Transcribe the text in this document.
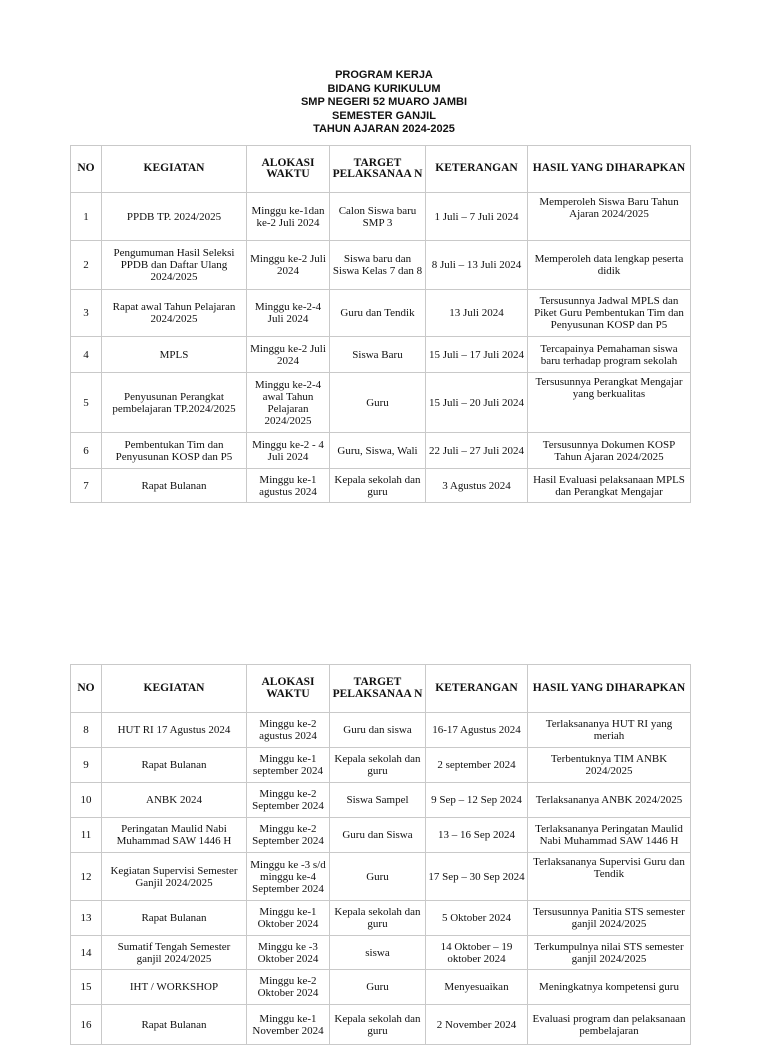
PROGRAM KERJA
BIDANG KURIKULUM
SMP NEGERI 52 MUARO JAMBI
SEMESTER GANJIL
TAHUN AJARAN 2024-2025
NO	KEGIATAN	ALOKASI WAKTU	TARGET PELAKSANAA N	KETERANGAN	HASIL YANG DIHARAPKAN
1	PPDB TP. 2024/2025	Minggu ke-1dan ke-2 Juli 2024	Calon Siswa baru SMP 3	1 Juli – 7 Juli 2024	Memperoleh Siswa Baru Tahun Ajaran 2024/2025
2	Pengumuman Hasil Seleksi PPDB dan Daftar Ulang 2024/2025	Minggu ke-2 Juli 2024	Siswa baru dan Siswa Kelas 7 dan 8	8 Juli – 13 Juli 2024	Memperoleh data lengkap peserta didik
3	Rapat awal Tahun Pelajaran 2024/2025	Minggu ke-2-4 Juli 2024	Guru dan Tendik	13 Juli 2024	Tersusunnya Jadwal MPLS dan Piket Guru Pembentukan Tim dan Penyusunan KOSP dan P5
4	MPLS	Minggu ke-2 Juli 2024	Siswa Baru	15 Juli – 17 Juli 2024	Tercapainya Pemahaman siswa baru terhadap program sekolah
5	Penyusunan Perangkat pembelajaran TP.2024/2025	Minggu ke-2-4 awal Tahun Pelajaran 2024/2025	Guru	15 Juli – 20 Juli 2024	Tersusunnya Perangkat Mengajar yang berkualitas
6	Pembentukan Tim dan Penyusunan KOSP dan P5	Minggu ke-2 - 4 Juli 2024	Guru, Siswa, Wali	22 Juli – 27 Juli 2024	Tersusunnya Dokumen KOSP Tahun Ajaran 2024/2025
7	Rapat Bulanan	Minggu ke-1 agustus 2024	Kepala sekolah dan guru	3 Agustus 2024	Hasil Evaluasi pelaksanaan MPLS dan Perangkat Mengajar
NO	KEGIATAN	ALOKASI WAKTU	TARGET PELAKSANAA N	KETERANGAN	HASIL YANG DIHARAPKAN
8	HUT RI 17 Agustus 2024	Minggu ke-2 agustus 2024	Guru dan siswa	16-17 Agustus 2024	Terlaksananya HUT RI yang meriah
9	Rapat Bulanan	Minggu ke-1 september 2024	Kepala sekolah dan guru	2 september 2024	Terbentuknya TIM ANBK 2024/2025
10	ANBK 2024	Minggu ke-2 September 2024	Siswa Sampel	9 Sep – 12 Sep 2024	Terlaksananya ANBK 2024/2025
11	Peringatan Maulid Nabi Muhammad SAW 1446 H	Minggu ke-2 September 2024	Guru dan Siswa	13 – 16 Sep 2024	Terlaksananya Peringatan Maulid Nabi Muhammad SAW 1446 H
12	Kegiatan Supervisi Semester Ganjil 2024/2025	Minggu ke -3 s/d minggu ke-4 September 2024	Guru	17 Sep – 30 Sep 2024	Terlaksananya Supervisi Guru dan Tendik
13	Rapat Bulanan	Minggu ke-1 Oktober 2024	Kepala sekolah dan guru	5 Oktober 2024	Tersusunnya Panitia STS semester ganjil 2024/2025
14	Sumatif Tengah Semester ganjil 2024/2025	Minggu ke -3 Oktober 2024	siswa	14 Oktober – 19 oktober 2024	Terkumpulnya nilai STS semester ganjil 2024/2025
15	IHT / WORKSHOP	Minggu ke-2 Oktober 2024	Guru	Menyesuaikan	Meningkatnya kompetensi guru
16	Rapat Bulanan	Minggu ke-1 November 2024	Kepala sekolah dan guru	2 November 2024	Evaluasi program dan pelaksanaan pembelajaran
